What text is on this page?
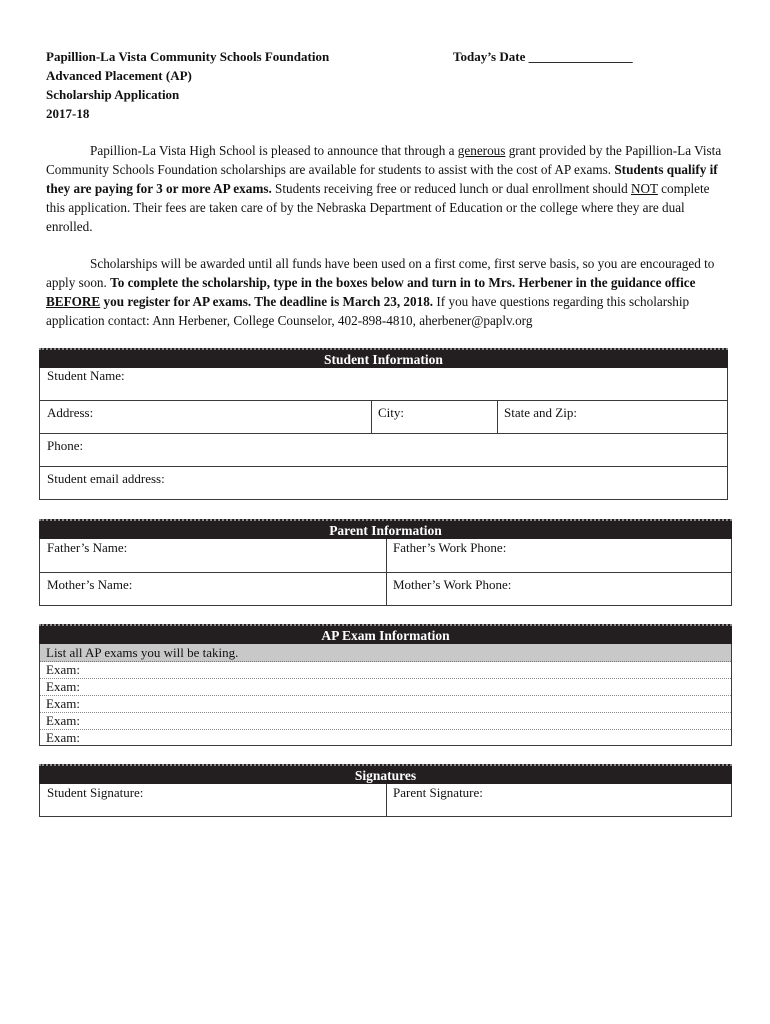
Papillion-La Vista Community Schools Foundation
Advanced Placement (AP)
Scholarship Application
2017-18
Today’s Date ________________
Papillion-La Vista High School is pleased to announce that through a generous grant provided by the Papillion-La Vista Community Schools Foundation scholarships are available for students to assist with the cost of AP exams. Students qualify if they are paying for 3 or more AP exams. Students receiving free or reduced lunch or dual enrollment should NOT complete this application. Their fees are taken care of by the Nebraska Department of Education or the college where they are dual enrolled.
Scholarships will be awarded until all funds have been used on a first come, first serve basis, so you are encouraged to apply soon. To complete the scholarship, type in the boxes below and turn in to Mrs. Herbener in the guidance office BEFORE you register for AP exams. The deadline is March 23, 2018. If you have questions regarding this scholarship application contact: Ann Herbener, College Counselor, 402-898-4810, aherbener@paplv.org
Student Information
Student Name:
Address:	City:	State and Zip:
Phone:
Student email address:
Parent Information
Father’s Name:	Father’s Work Phone:
Mother’s Name:	Mother’s Work Phone:
AP Exam Information
List all AP exams you will be taking.
Exam:
Exam:
Exam:
Exam:
Exam:
Signatures
Student Signature:	Parent Signature:
